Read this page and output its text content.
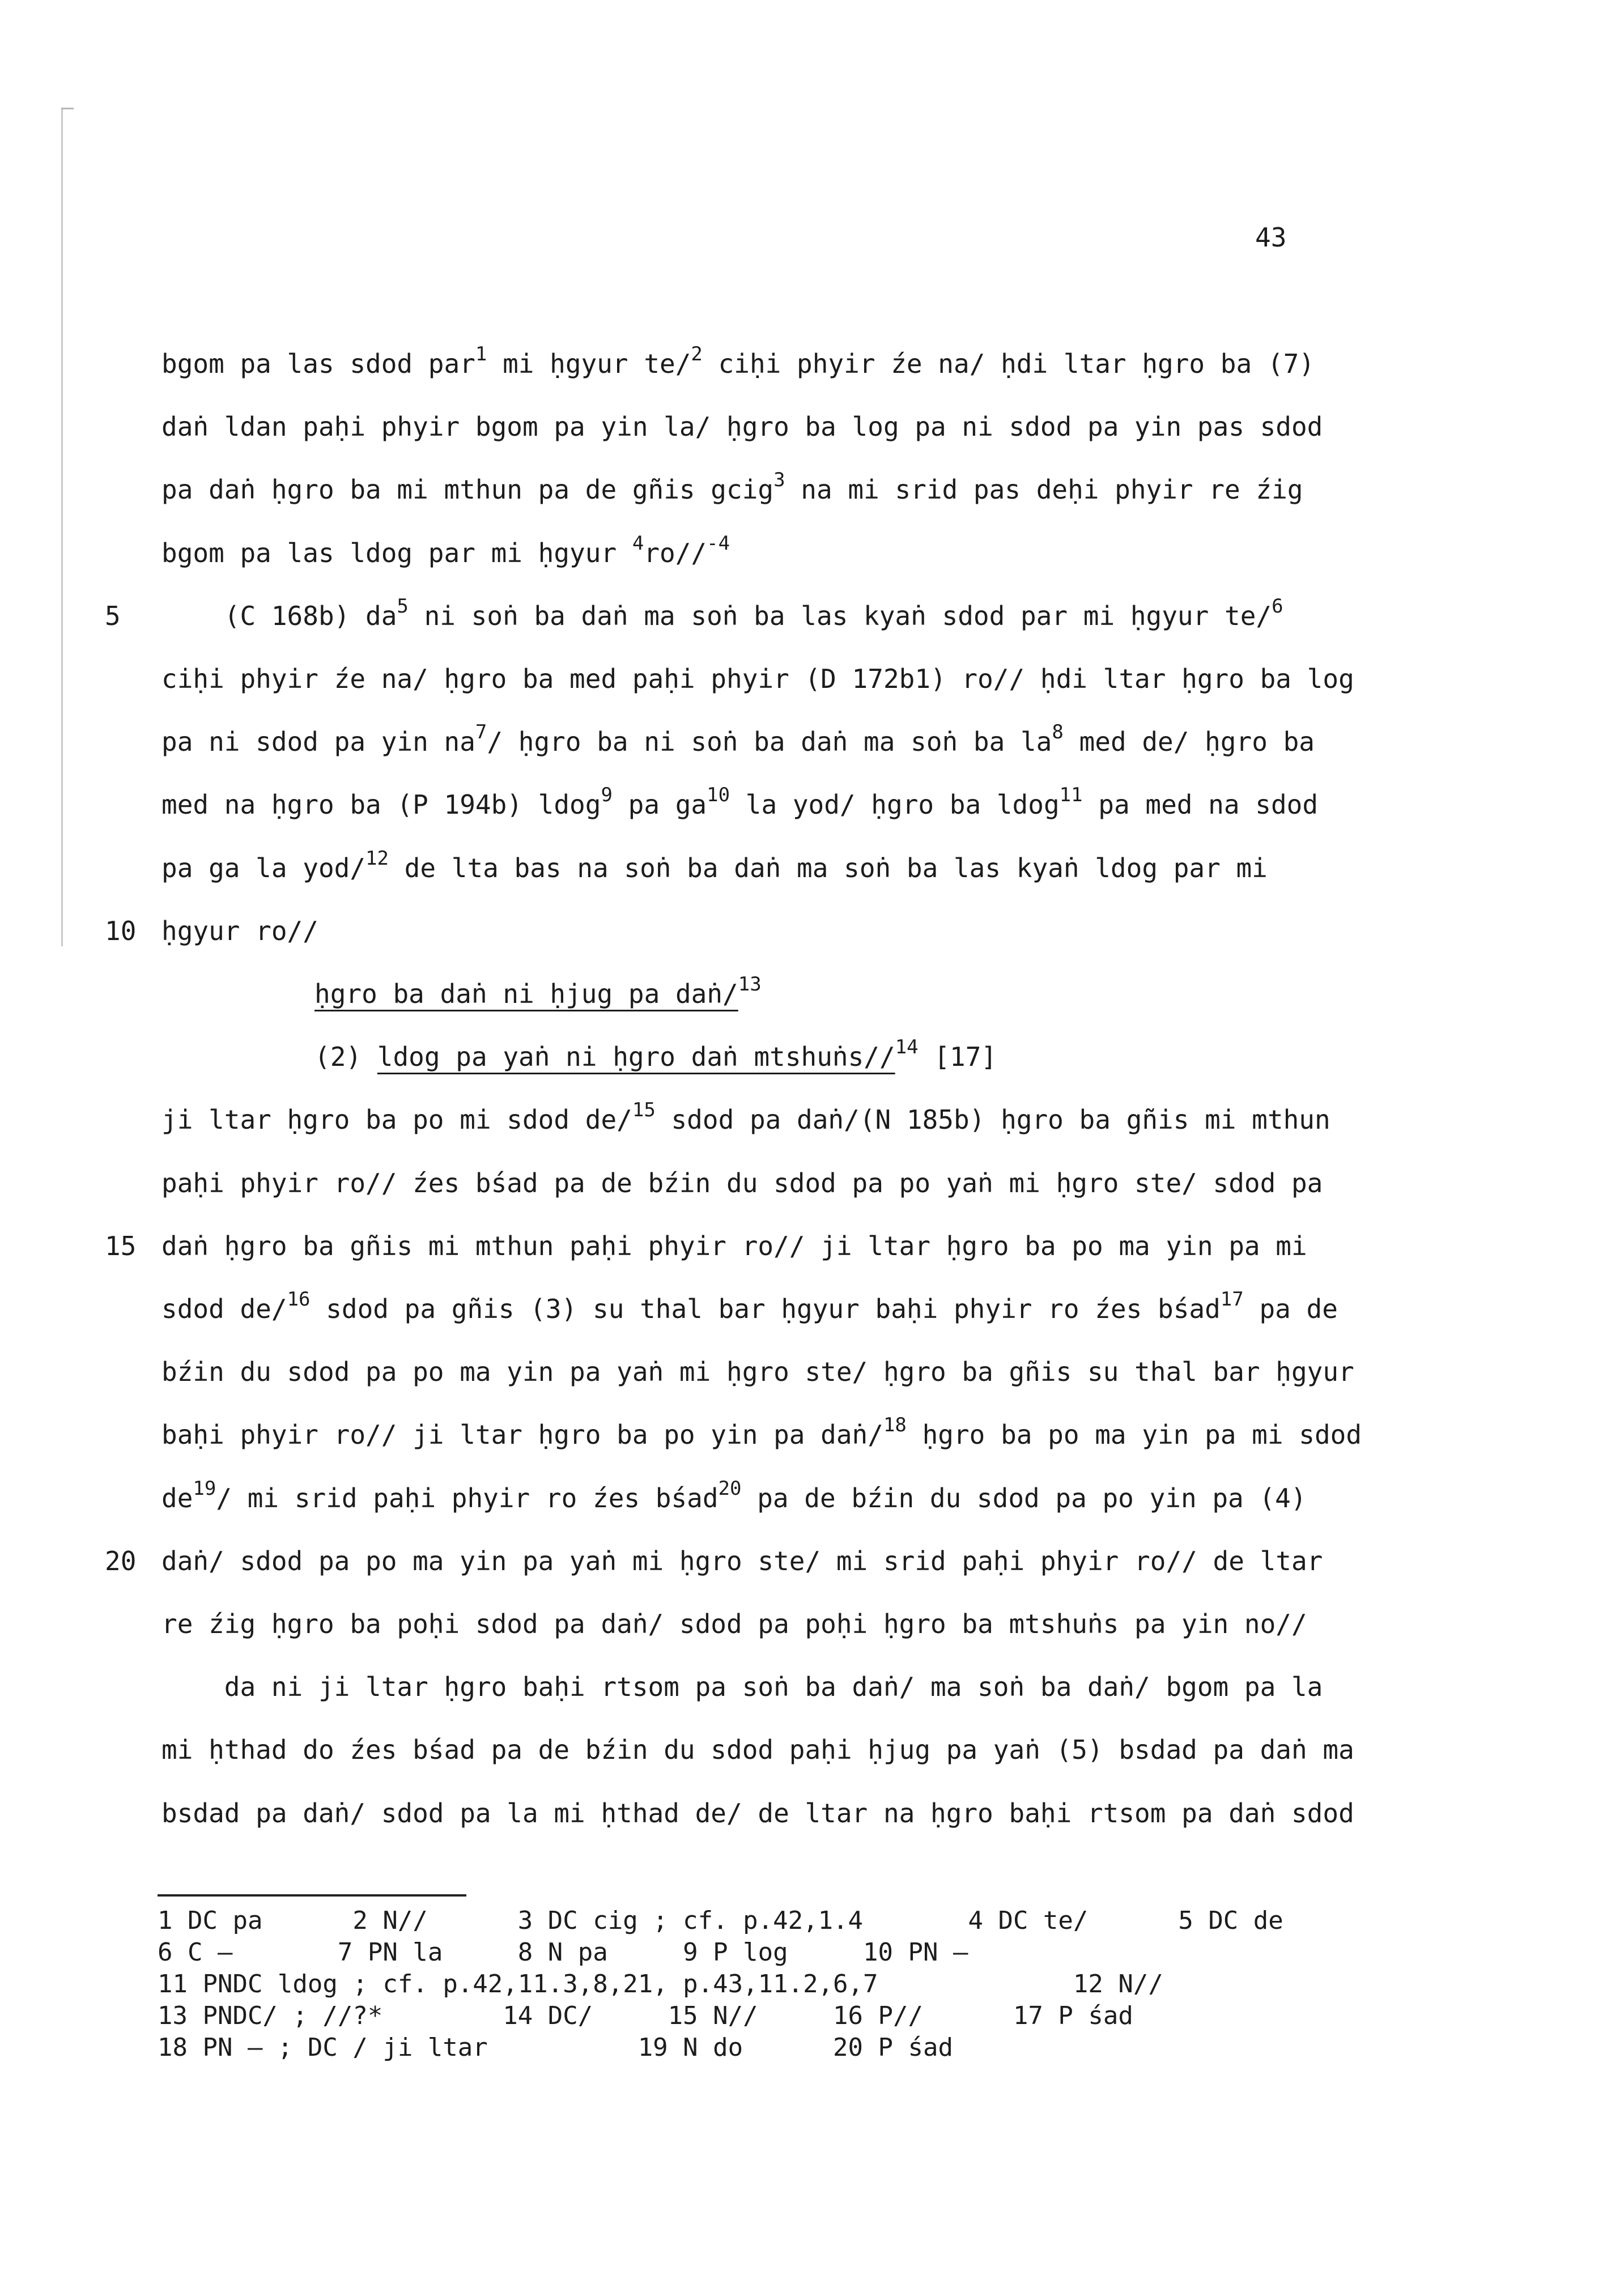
43
bgom pa las sdod par$^1$ mi ḥgyur te/$^2$ ciḥi phyir źe na/ ḥdi ltar ḥgro ba (7)
daṅ ldan paḥi phyir bgom pa yin la/ ḥgro ba log pa ni sdod pa yin pas sdod
pa daṅ ḥgro ba mi mthun pa de gñis gcig$^3$ na mi srid pas deḥi phyir re źig
bgom pa las ldog par mi ḥgyur $^4$ro//$^{-4}$
(C 168b) $da^5$ ni soṅ ba daṅ ma soṅ ba las kyaṅ sdod par mi ḥgyur te/$^6$
5
ciḥi phyir źe na/ ḥgro ba med paḥi phyir (D 172b1) ro// ḥdi ltar ḥgro ba log
pa ni sdod pa yin $na^7/$ ḥgro ba ni soṅ ba daṅ ma soṅ ba $la^8$ med de/ ḥgro ba
med na ḥgro ba (P 194b) ldog$^9$ pa $ga^{10}$ la yod/ ḥgro ba ldog$^{11}$ pa med na sdod
pa ga la yod/$^{12}$ de lta bas na soṅ ba daṅ ma soṅ ba las kyaṅ ldog par mi
ḥgyur ro//
10
ḥgro ba daṅ ni ḥjug pa daṅ/$^{13}$
(2) ldog pa yaṅ ni ḥgro daṅ mtshuṅs//$^{14}$ [17]
ji ltar ḥgro ba po mi sdod de/$^{15}$ sdod pa daṅ/(N 185b) ḥgro ba gñis mi mthun
paḥi phyir ro// źes bśad pa de bźin du sdod pa po yaṅ mi ḥgro ste/ sdod pa
daṅ ḥgro ba gñis mi mthun paḥi phyir ro// ji ltar ḥgro ba po ma yin pa mi
15
sdod de/$^{16}$ sdod pa gñis (3) su thal bar ḥgyur baḥi phyir ro źes bśad$^{17}$ pa de
bźin du sdod pa po ma yin pa yaṅ mi ḥgro ste/ ḥgro ba gñis su thal bar ḥgyur
baḥi phyir ro// ji ltar ḥgro ba po yin pa daṅ/$^{18}$ ḥgro ba po ma yin pa mi sdod
$de^{19}/$ mi srid paḥi phyir ro źes bśad$^{20}$ pa de bźin du sdod pa po yin pa (4)
daṅ/ sdod pa po ma yin pa yaṅ mi ḥgro ste/ mi srid paḥi phyir ro// de ltar
20
re źig ḥgro ba poḥi sdod pa daṅ/ sdod pa poḥi ḥgro ba mtshuṅs pa yin no//
da ni ji ltar ḥgro baḥi rtsom pa soṅ ba daṅ/ ma soṅ ba daṅ/ bgom pa la
mi ḥthad do źes bśad pa de bźin du sdod paḥi ḥjug pa yaṅ (5) bsdad pa daṅ ma
bsdad pa daṅ/ sdod pa la mi ḥthad de/ de ltar na ḥgro baḥi rtsom pa daṅ sdod
1 DC pa      2 N//      3 DC cig ; cf. p.42,1.4       4 DC te/      5 DC de
6 C —       7 PN la     8 N pa     9 P log     10 PN —
11 PNDC ldog ; cf. p.42,11.3,8,21, p.43,11.2,6,7             12 N//
13 PNDC/ ; //?*        14 DC/     15 N//     16 P//      17 P śad
18 PN — ; DC / ji ltar          19 N do      20 P śad
